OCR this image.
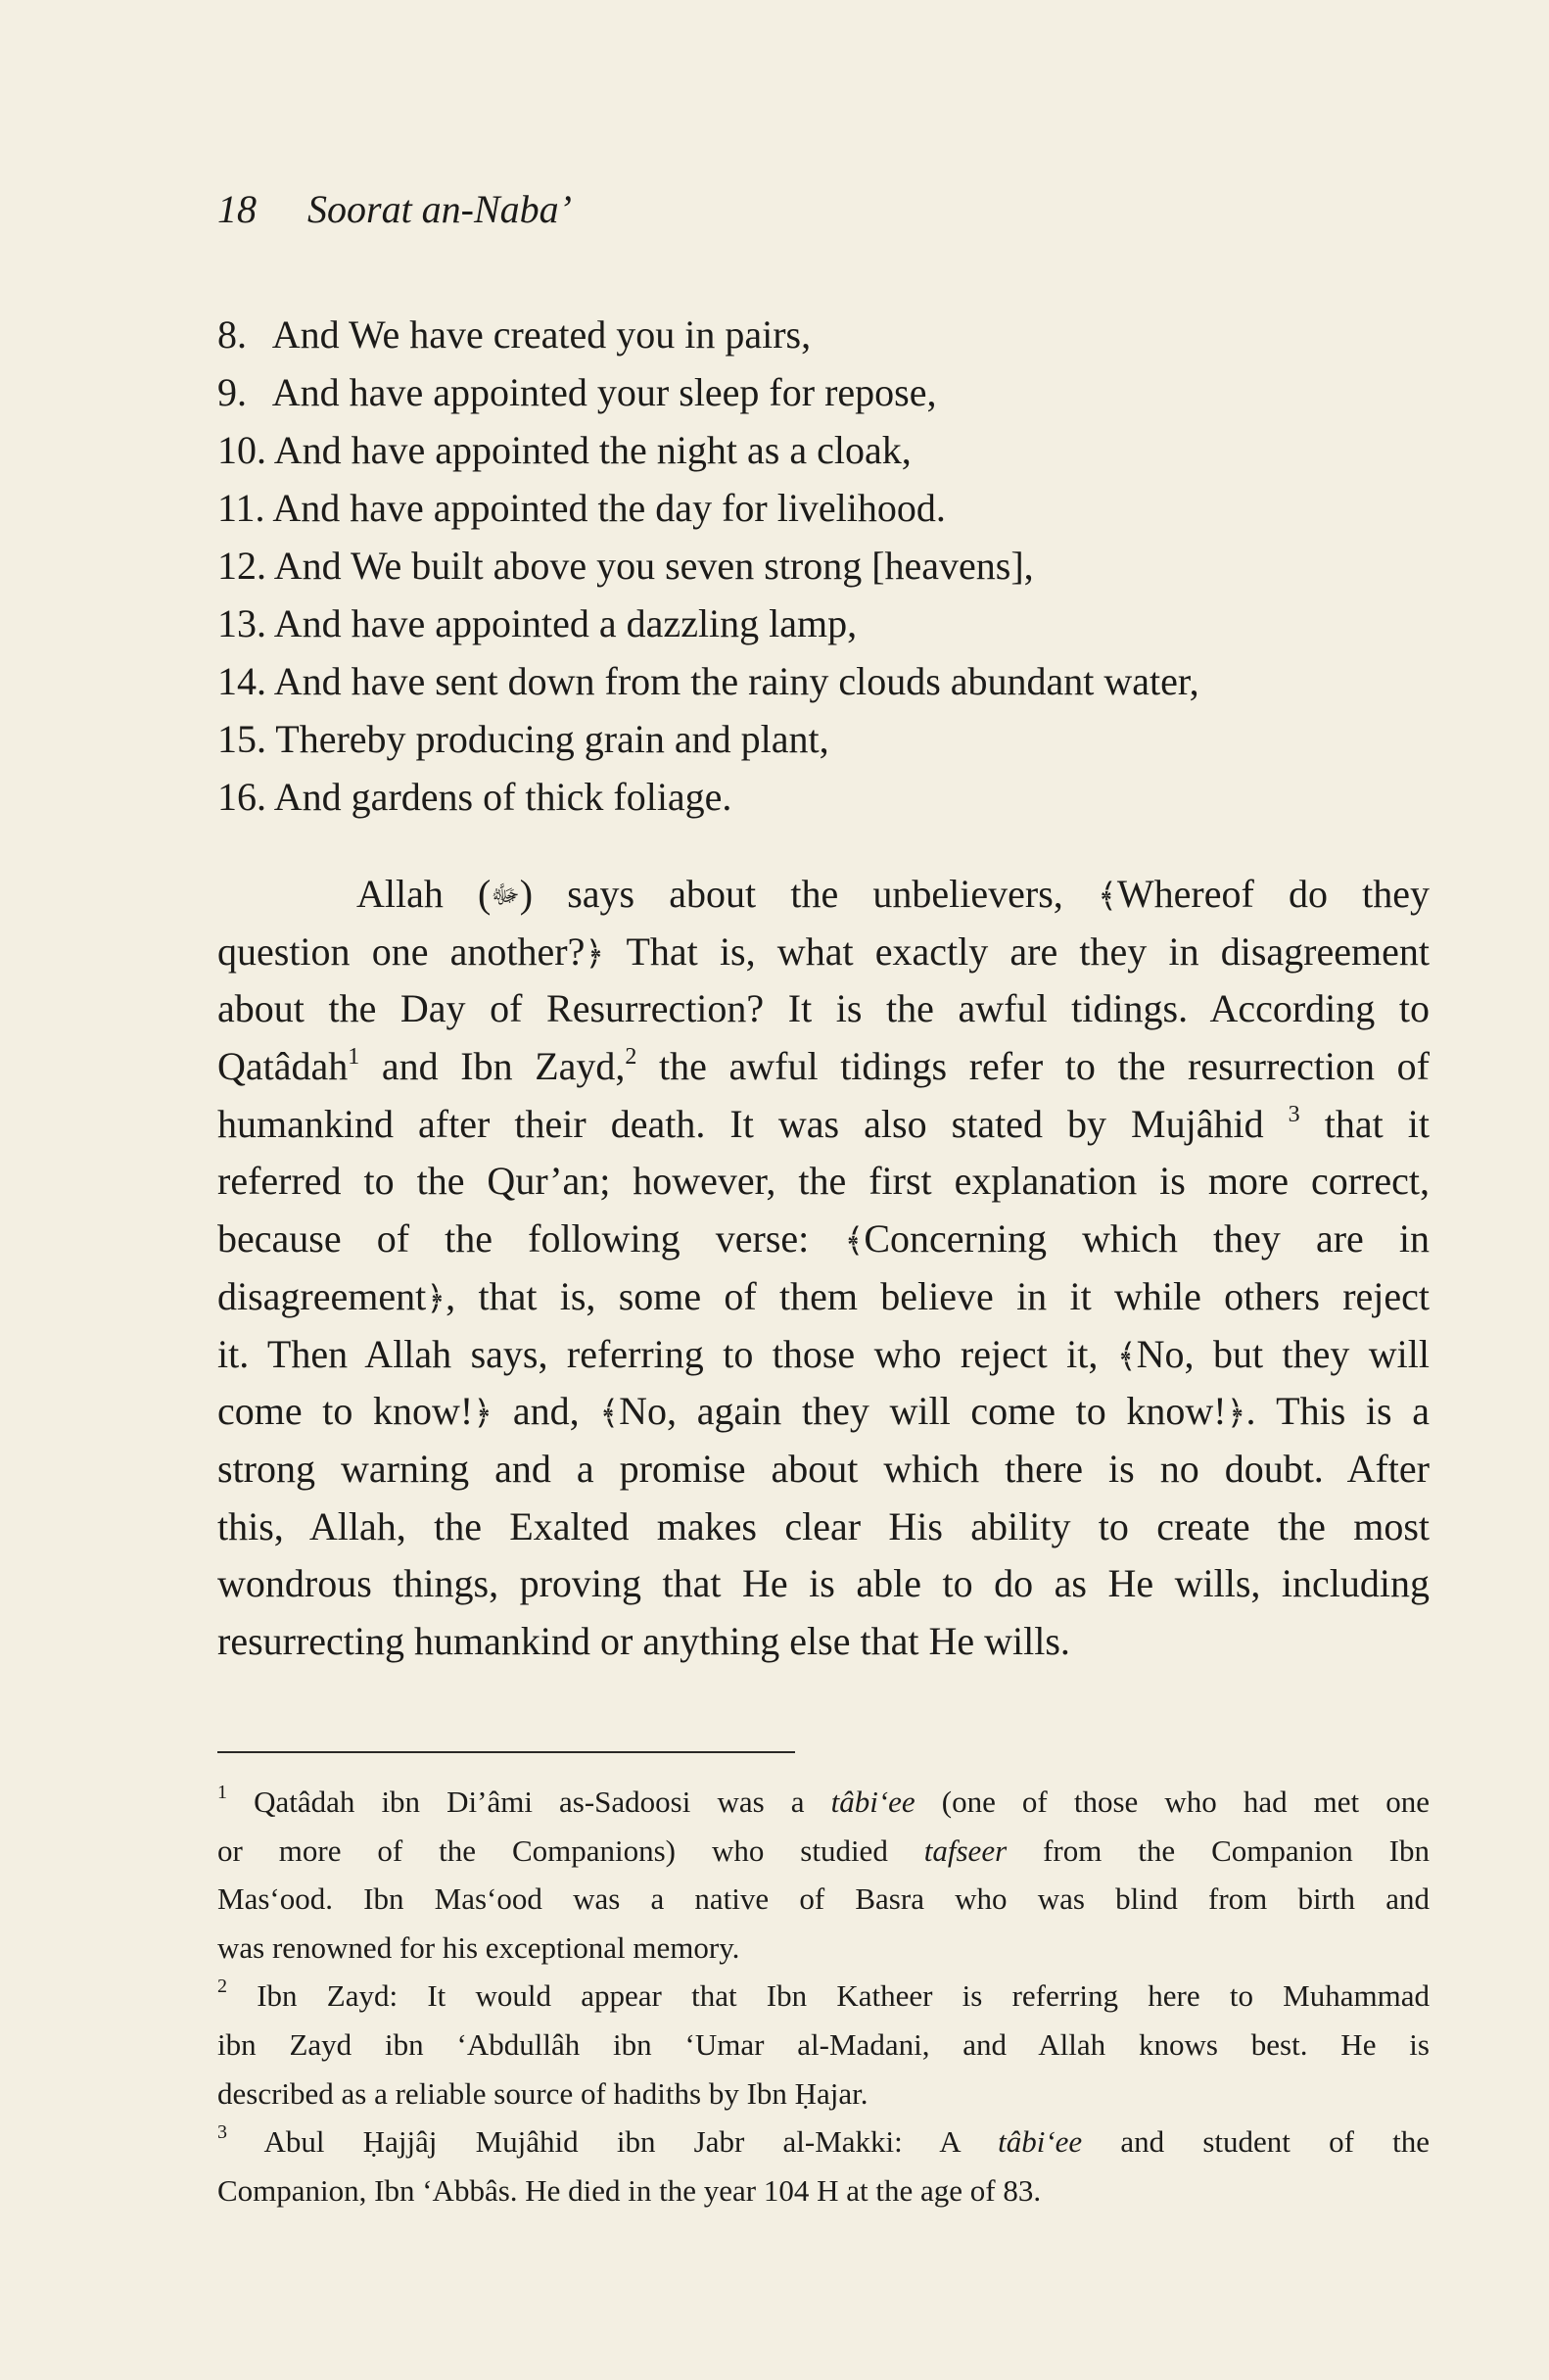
18 Soorat an-Naba’
8. And We have created you in pairs,
9. And have appointed your sleep for repose,
10. And have appointed the night as a cloak,
11. And have appointed the day for livelihood.
12. And We built above you seven strong [heavens],
13. And have appointed a dazzling lamp,
14. And have sent down from the rainy clouds abundant water,
15. Thereby producing grain and plant,
16. And gardens of thick foliage.
Allah (ﷻ) says about the unbelievers, ﴾Whereof do they
question one another?﴿ That is, what exactly are they in disagreement
about the Day of Resurrection? It is the awful tidings. According to
Qatâdah$^1$ and Ibn Zayd,$^2$ the awful tidings refer to the resurrection of
humankind after their death. It was also stated by Mujâhid $^3$ that it
referred to the Qur’an; however, the first explanation is more correct,
because of the following verse: ﴾Concerning which they are in
disagreement﴿, that is, some of them believe in it while others reject
it. Then Allah says, referring to those who reject it, ﴾No, but they will
come to know!﴿ and, ﴾No, again they will come to know!﴿. This is a
strong warning and a promise about which there is no doubt. After
this, Allah, the Exalted makes clear His ability to create the most
wondrous things, proving that He is able to do as He wills, including
resurrecting humankind or anything else that He wills.
$^1$ Qatâdah ibn Di’âmi as-Sadoosi was a tâbi‘ee (one of those who had met one
or more of the Companions) who studied tafseer from the Companion Ibn
Mas‘ood. Ibn Mas‘ood was a native of Basra who was blind from birth and
was renowned for his exceptional memory.
$^2$ Ibn Zayd: It would appear that Ibn Katheer is referring here to Muhammad
ibn Zayd ibn ‘Abdullâh ibn ‘Umar al-Madani, and Allah knows best. He is
described as a reliable source of hadiths by Ibn Ḥajar.
$^3$ Abul Ḥajjâj Mujâhid ibn Jabr al-Makki: A tâbi‘ee and student of the
Companion, Ibn ‘Abbâs. He died in the year 104 H at the age of 83.
